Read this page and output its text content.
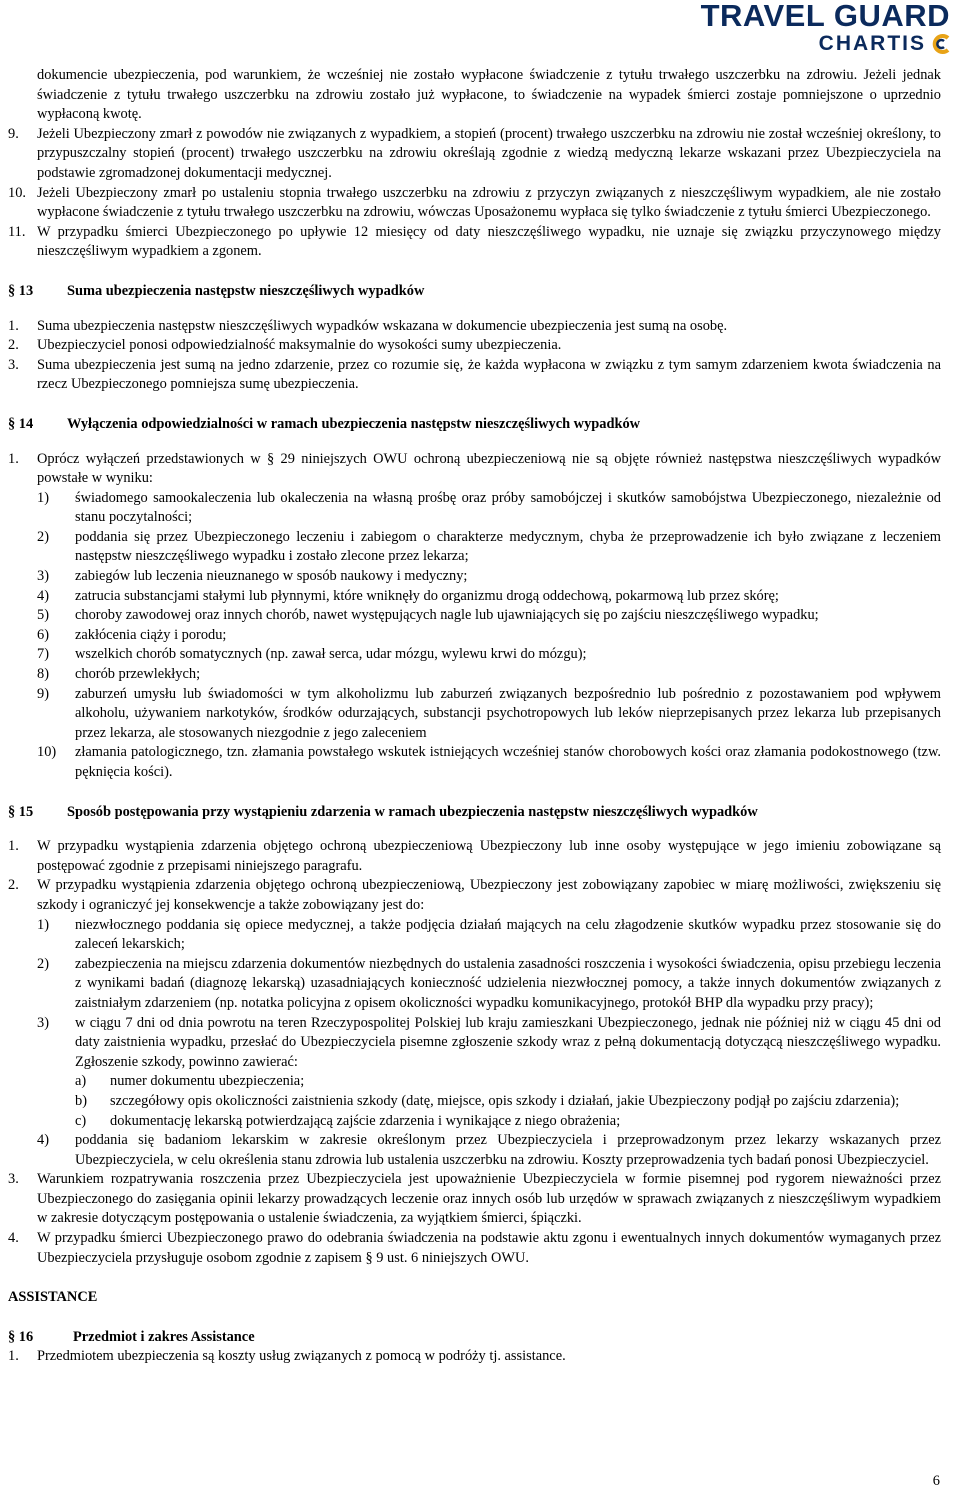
TRAVEL GUARD
CHARTIS

dokumencie ubezpieczenia, pod warunkiem, że wcześniej nie zostało wypłacone świadczenie z tytułu trwałego uszczerbku na zdrowiu. Jeżeli jednak świadczenie z tytułu trwałego uszczerbku na zdrowiu zostało już wypłacone, to świadczenie na wypadek śmierci zostaje pomniejszone o uprzednio wypłaconą kwotę.

9.	Jeżeli Ubezpieczony zmarł z powodów nie związanych z wypadkiem, a stopień (procent) trwałego uszczerbku na zdrowiu nie został wcześniej określony, to przypuszczalny stopień (procent) trwałego uszczerbku na zdrowiu określają zgodnie z wiedzą medyczną lekarze wskazani przez Ubezpieczyciela na podstawie zgromadzonej dokumentacji medycznej.
10. Jeżeli Ubezpieczony zmarł po ustaleniu stopnia trwałego uszczerbku na zdrowiu z przyczyn związanych z nieszczęśliwym wypadkiem, ale nie zostało wypłacone świadczenie z tytułu trwałego uszczerbku na zdrowiu, wówczas Uposażonemu wypłaca się tylko świadczenie z tytułu śmierci Ubezpieczonego.
11. W przypadku śmierci Ubezpieczonego po upływie 12 miesięcy od daty nieszczęśliwego wypadku, nie uznaje się związku przyczynowego między nieszczęśliwym wypadkiem a zgonem.
§ 13	Suma ubezpieczenia następstw nieszczęśliwych wypadków
1.	Suma ubezpieczenia następstw nieszczęśliwych wypadków wskazana w dokumencie ubezpieczenia jest sumą na osobę.
2.	Ubezpieczyciel ponosi odpowiedzialność maksymalnie do wysokości sumy ubezpieczenia.
3.	Suma ubezpieczenia jest sumą na jedno zdarzenie, przez co rozumie się, że każda wypłacona w związku z tym samym zdarzeniem kwota świadczenia na rzecz Ubezpieczonego pomniejsza sumę ubezpieczenia.
§ 14	Wyłączenia odpowiedzialności w ramach ubezpieczenia następstw nieszczęśliwych wypadków
1.	Oprócz wyłączeń przedstawionych w § 29 niniejszych OWU ochroną ubezpieczeniową nie są objęte również następstwa nieszczęśliwych wypadków powstałe w wyniku:
1)	świadomego samookaleczenia lub okaleczenia na własną prośbę oraz próby samobójczej i skutków samobójstwa Ubezpieczonego, niezależnie od stanu poczytalności;
2)	poddania się przez Ubezpieczonego leczeniu i zabiegom o charakterze medycznym, chyba że przeprowadzenie ich było związane z leczeniem następstw nieszczęśliwego wypadku i zostało zlecone przez lekarza;
3)	zabiegów lub leczenia nieuznanego w sposób naukowy i medyczny;
4)	zatrucia substancjami stałymi lub płynnymi, które wniknęły do organizmu drogą oddechową, pokarmową lub przez skórę;
5)	choroby zawodowej oraz innych chorób, nawet występujących nagle lub ujawniających się po zajściu nieszczęśliwego wypadku;
6)	zakłócenia ciąży i porodu;
7)	wszelkich chorób somatycznych (np. zawał serca, udar mózgu, wylewu krwi do mózgu);
8)	chorób przewlekłych;
9)	zaburzeń umysłu lub świadomości w tym alkoholizmu lub zaburzeń związanych bezpośrednio lub pośrednio z pozostawaniem pod wpływem alkoholu, używaniem narkotyków, środków odurzających, substancji psychotropowych lub leków nieprzepisanych przez lekarza lub przepisanych przez lekarza, ale stosowanych niezgodnie z jego zaleceniem
10)	złamania patologicznego, tzn. złamania powstałego wskutek istniejących wcześniej stanów chorobowych kości oraz złamania podokostnowego (tzw. pęknięcia kości).
§ 15	Sposób postępowania przy wystąpieniu zdarzenia w ramach ubezpieczenia następstw nieszczęśliwych wypadków
1.	W przypadku wystąpienia zdarzenia objętego ochroną ubezpieczeniową Ubezpieczony lub inne osoby występujące w jego imieniu zobowiązane są postępować zgodnie z przepisami niniejszego paragrafu.
2.	W przypadku wystąpienia zdarzenia objętego ochroną ubezpieczeniową, Ubezpieczony jest zobowiązany zapobiec w miarę możliwości, zwiększeniu się szkody i ograniczyć jej konsekwencje a także zobowiązany jest do:
1)	niezwłocznego poddania się opiece medycznej, a także podjęcia działań mających na celu złagodzenie skutków wypadku przez stosowanie się do zaleceń lekarskich;
2)	zabezpieczenia na miejscu zdarzenia dokumentów niezbędnych do ustalenia zasadności roszczenia i wysokości świadczenia, opisu przebiegu leczenia z wynikami badań (diagnozę lekarską) uzasadniających konieczność udzielenia niezwłocznej pomocy, a także innych dokumentów związanych z zaistniałym zdarzeniem (np. notatka policyjna z opisem okoliczności wypadku komunikacyjnego, protokół BHP dla wypadku przy pracy);
3)	w ciągu 7 dni od dnia powrotu na teren Rzeczypospolitej Polskiej lub kraju zamieszkani Ubezpieczonego, jednak nie później niż w ciągu 45 dni od daty zaistnienia wypadku, przesłać do Ubezpieczyciela pisemne zgłoszenie szkody wraz z pełną dokumentacją dotyczącą nieszczęśliwego wypadku. Zgłoszenie szkody, powinno zawierać:
a)	numer dokumentu ubezpieczenia;
b)	szczegółowy opis okoliczności zaistnienia szkody (datę, miejsce, opis szkody i działań, jakie Ubezpieczony podjął po zajściu zdarzenia);
c)	dokumentację lekarską potwierdzającą zajście zdarzenia i wynikające z niego obrażenia;
4)	poddania się badaniom lekarskim w zakresie określonym przez Ubezpieczyciela i przeprowadzonym przez lekarzy wskazanych przez Ubezpieczyciela, w celu określenia stanu zdrowia lub ustalenia uszczerbku na zdrowiu. Koszty przeprowadzenia tych badań ponosi Ubezpieczyciel.
3.	Warunkiem rozpatrywania roszczenia przez Ubezpieczyciela jest upoważnienie Ubezpieczyciela w formie pisemnej pod rygorem nieważności przez Ubezpieczonego do zasięgania opinii lekarzy prowadzących leczenie oraz innych osób lub urzędów w sprawach związanych z nieszczęśliwym wypadkiem w zakresie dotyczącym postępowania o ustalenie świadczenia, za wyjątkiem śmierci, śpiączki.
4.	W przypadku śmierci Ubezpieczonego prawo do odebrania świadczenia na podstawie aktu zgonu i ewentualnych innych dokumentów wymaganych przez Ubezpieczyciela przysługuje osobom zgodnie z zapisem § 9 ust. 6 niniejszych OWU.

ASSISTANCE

§ 16	Przedmiot i zakres Assistance
1.	Przedmiotem ubezpieczenia są koszty usług związanych z pomocą w podróży tj. assistance.
6
